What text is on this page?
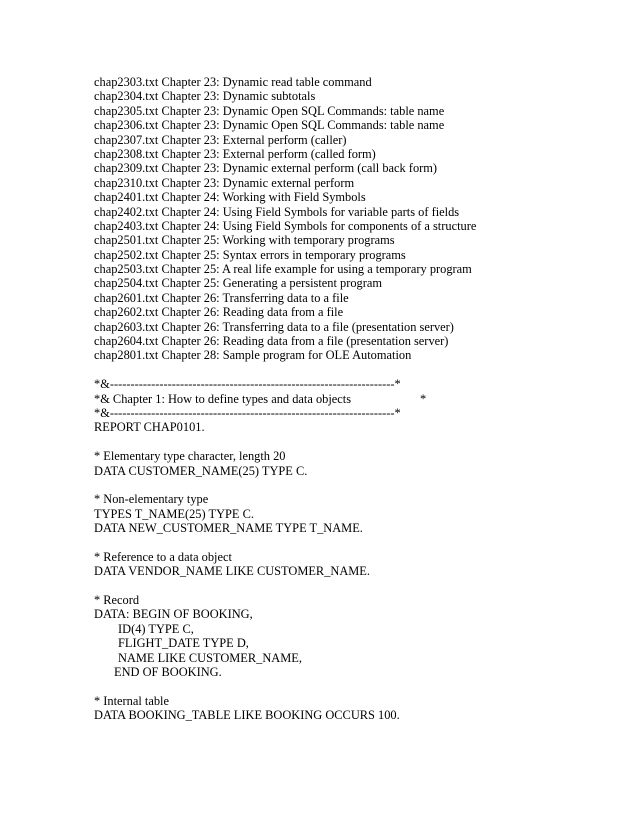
chap2303.txt Chapter 23: Dynamic read table command
chap2304.txt Chapter 23: Dynamic subtotals
chap2305.txt Chapter 23: Dynamic Open SQL Commands: table name
chap2306.txt Chapter 23: Dynamic Open SQL Commands: table name
chap2307.txt Chapter 23: External perform (caller)
chap2308.txt Chapter 23: External perform (called form)
chap2309.txt Chapter 23: Dynamic external perform (call back form)
chap2310.txt Chapter 23: Dynamic external perform
chap2401.txt Chapter 24: Working with Field Symbols
chap2402.txt Chapter 24: Using Field Symbols for variable parts of fields
chap2403.txt Chapter 24: Using Field Symbols for components of a structure
chap2501.txt Chapter 25: Working with temporary programs
chap2502.txt Chapter 25: Syntax errors in temporary programs
chap2503.txt Chapter 25: A real life example for using a temporary program
chap2504.txt Chapter 25: Generating a persistent program
chap2601.txt Chapter 26: Transferring data to a file
chap2602.txt Chapter 26: Reading data from a file
chap2603.txt Chapter 26: Transferring data to a file (presentation server)
chap2604.txt Chapter 26: Reading data from a file (presentation server)
chap2801.txt Chapter 28: Sample program for OLE Automation
*&---------------------------------------------------------------------*
*& Chapter 1: How to define types and data objects	*
*&---------------------------------------------------------------------*
REPORT CHAP0101.
* Elementary type character, length 20
DATA CUSTOMER_NAME(25) TYPE C.
* Non-elementary type
TYPES T_NAME(25) TYPE C.
DATA NEW_CUSTOMER_NAME TYPE T_NAME.
* Reference to a data object
DATA VENDOR_NAME LIKE CUSTOMER_NAME.
* Record
DATA: BEGIN OF BOOKING,
ID(4) TYPE C,
FLIGHT_DATE TYPE D,
NAME LIKE CUSTOMER_NAME,
END OF BOOKING.
* Internal table
DATA BOOKING_TABLE LIKE BOOKING OCCURS 100.
